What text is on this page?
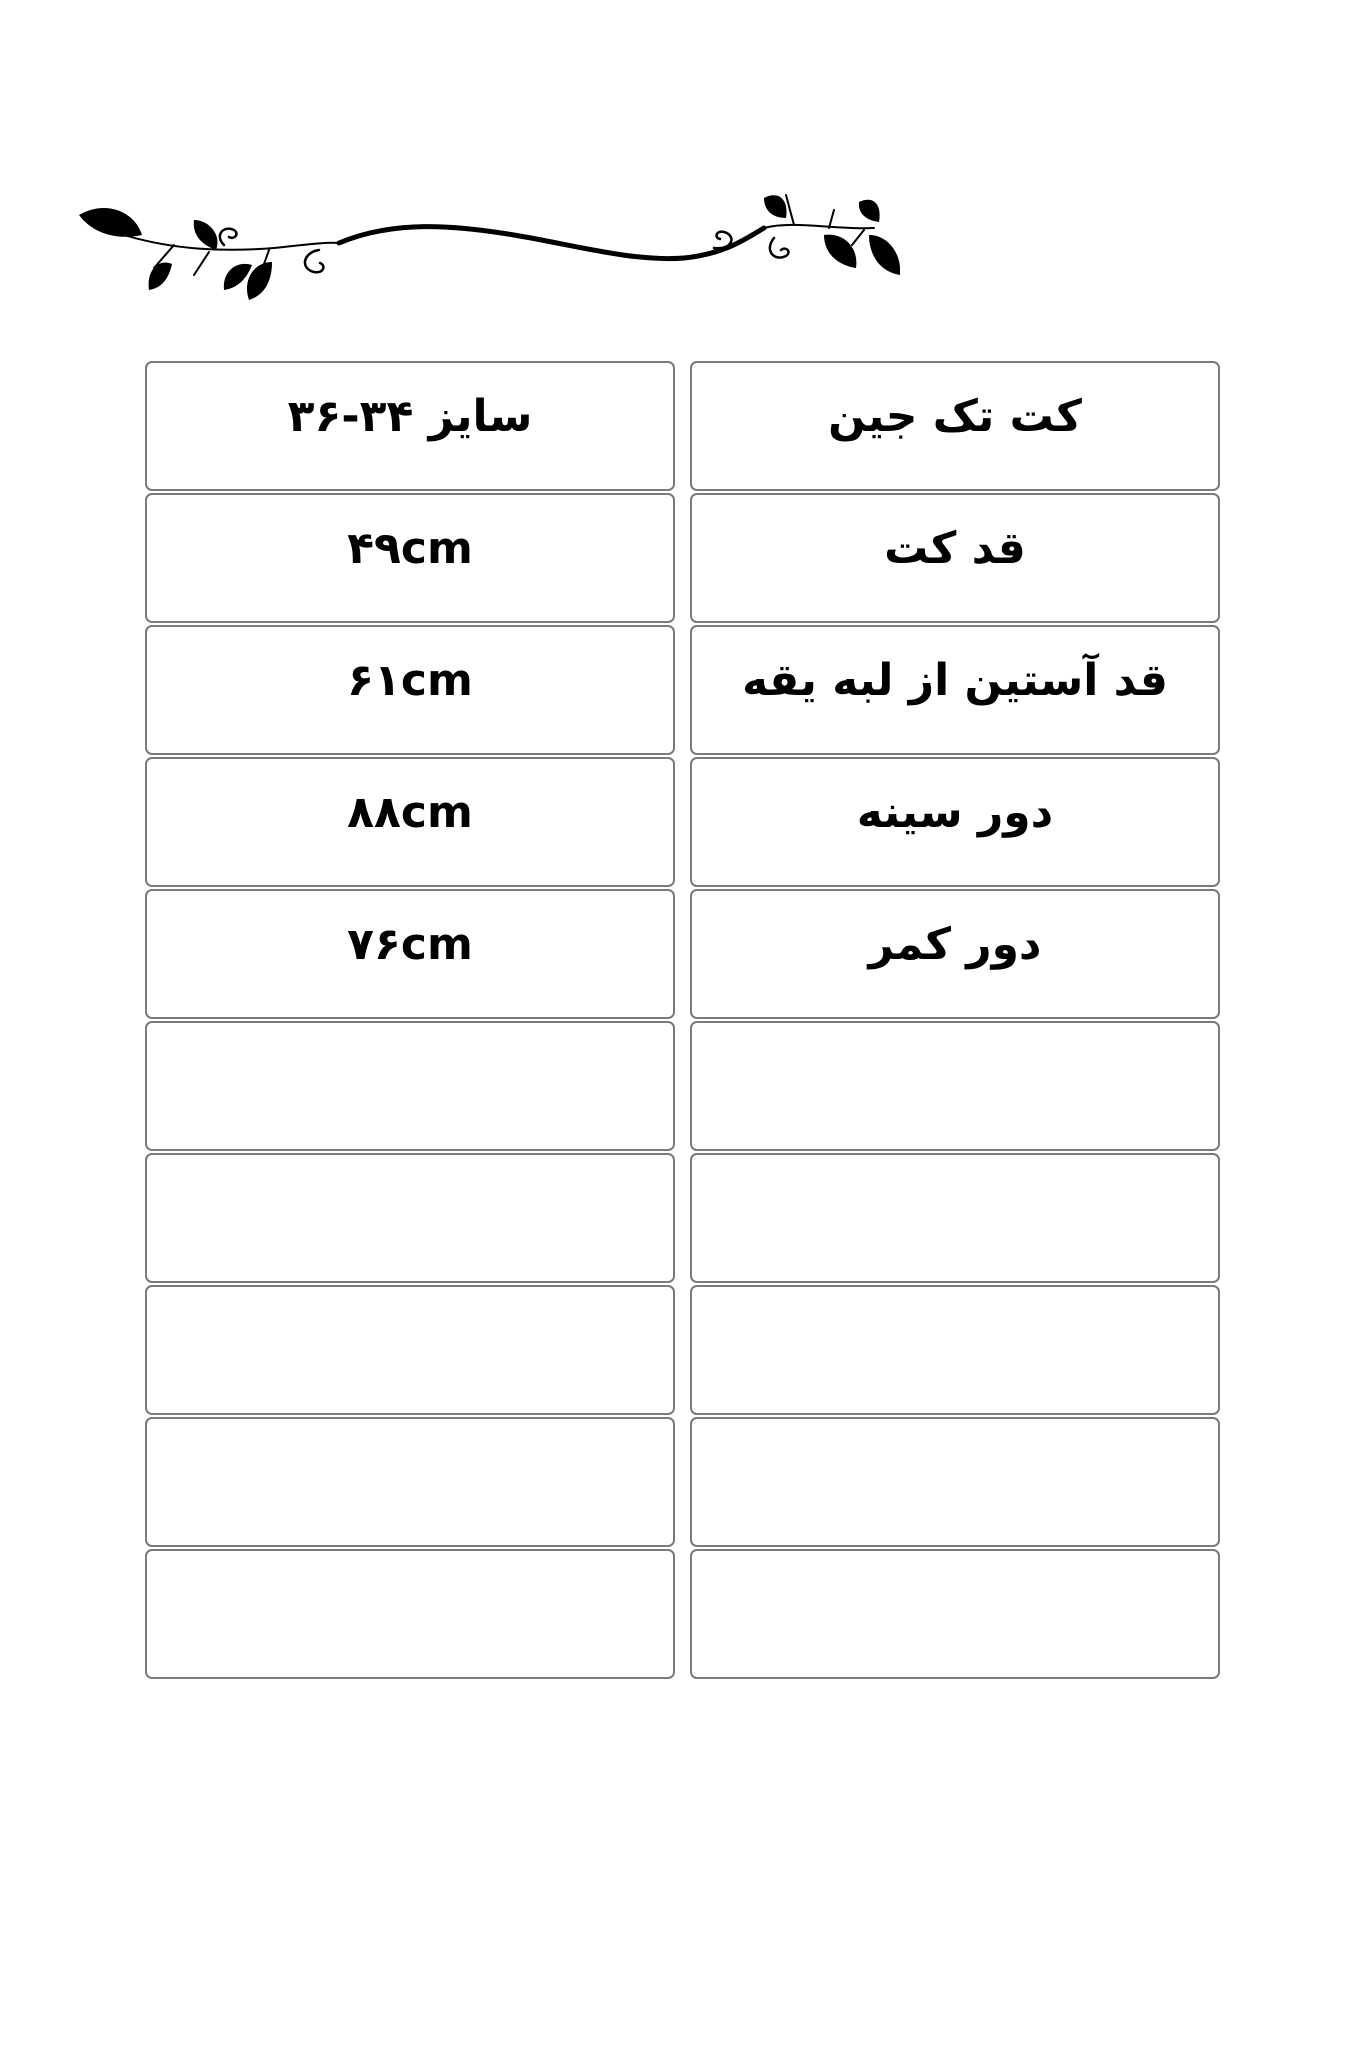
سایز ۳۴-۳۶	کت تک جین
۴۹cm	قد کت
۶۱cm	قد آستین از لبه یقه
۸۸cm	دور سینه
۷۶cm	دور کمر
